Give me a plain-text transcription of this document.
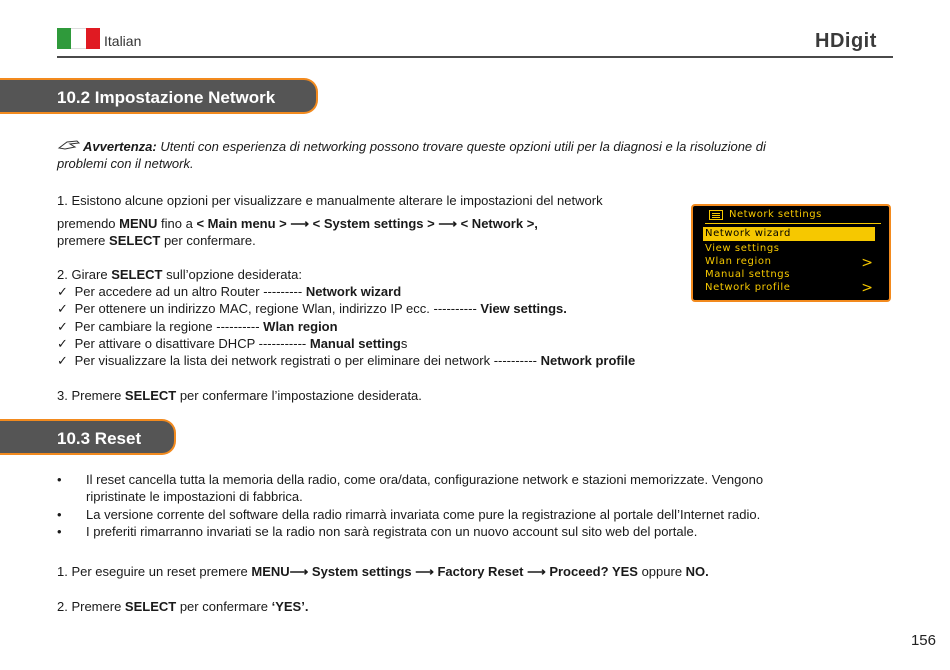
Italian	HDigit
10.2 Impostazione Network
Avvertenza: Utenti con esperienza di networking possono trovare queste opzioni utili per la diagnosi e la risoluzione di
problemi con il network.
1. Esistono alcune opzioni per visualizzare e manualmente alterare le impostazioni del network
premendo MENU fino a < Main menu > ⟶ < System settings > ⟶ < Network >,
premere SELECT per confermare.
2. Girare SELECT sull’opzione desiderata:
✓ Per accedere ad un altro Router --------- Network wizard
✓ Per ottenere un indirizzo MAC, regione Wlan, indirizzo IP ecc. ---------- View settings.
✓ Per cambiare la regione ---------- Wlan region
✓ Per attivare o disattivare DHCP ----------- Manual settings
✓ Per visualizzare la lista dei network registrati o per eliminare dei network ---------- Network profile
3. Premere SELECT per confermare l’impostazione desiderata.
Network settings
Network wizard
View settings
Wlan region	>
Manual settngs
Network profile	>
10.3 Reset
•	Il reset cancella tutta la memoria della radio, come ora/data, configurazione network e stazioni memorizzate. Vengono
ripristinate le impostazioni di fabbrica.
•	La versione corrente del software della radio rimarrà invariata come pure la registrazione al portale dell’Internet radio.
•	I preferiti rimarranno invariati se la radio non sarà registrata con un nuovo account sul sito web del portale.
1. Per eseguire un reset premere MENU⟶ System settings ⟶ Factory Reset ⟶ Proceed? YES oppure NO.
2. Premere SELECT per confermare ‘YES’.
156
